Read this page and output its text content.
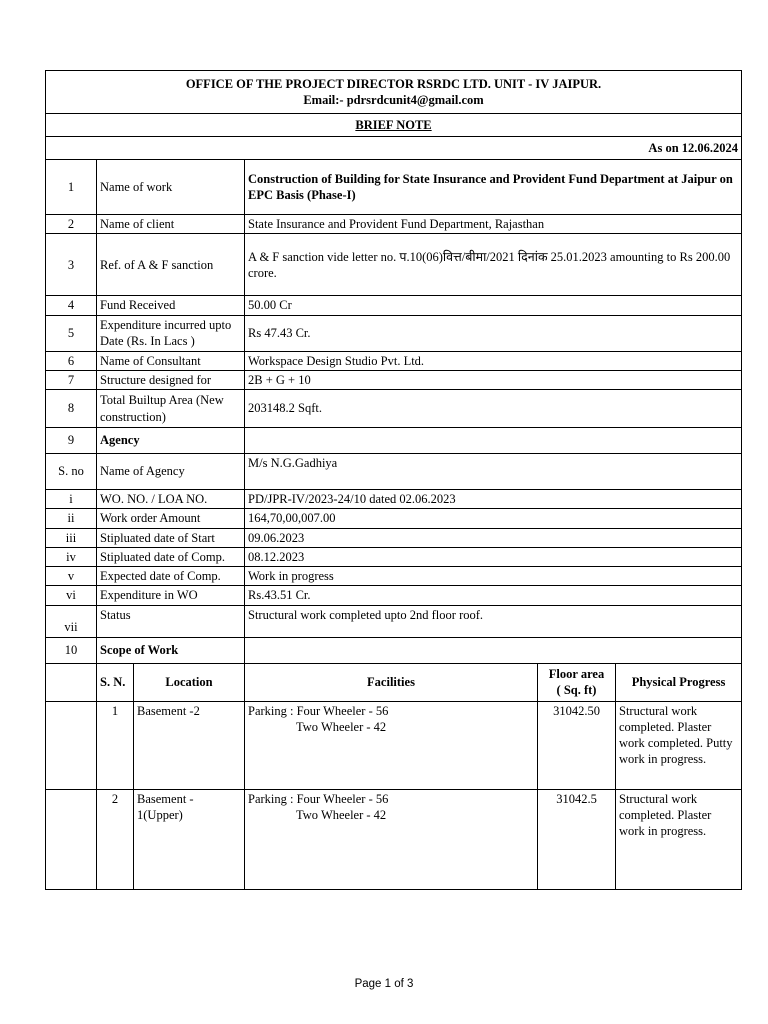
OFFICE OF THE PROJECT DIRECTOR RSRDC LTD. UNIT - IV JAIPUR.
Email:- pdrsrdcunit4@gmail.com					

BRIEF NOTE					
As on 12.06.2024					
1	Name of work		Construction of Building for State Insurance and Provident Fund Department at Jaipur on EPC Basis (Phase-I)		
2	Name of client		State Insurance and Provident Fund Department, Rajasthan		
3	Ref. of A & F sanction		A & F sanction vide letter no. प.10(06)वित्त/बीमा/2021 दिनांक 25.01.2023 amounting to Rs 200.00 crore.		
4	Fund Received		50.00 Cr		
5	Expenditure incurred upto Date (Rs. In Lacs )		Rs 47.43 Cr.		
6	Name of Consultant		Workspace Design Studio Pvt. Ltd.		
7	Structure designed for		2B + G + 10		
8	Total Builtup Area (New construction)		203148.2 Sqft.		
9	Agency				
S. no	Name of Agency		M/s N.G.Gadhiya		
i	WO. NO. / LOA NO.		PD/JPR-IV/2023-24/10 dated 02.06.2023		
ii	Work order Amount		164,70,00,007.00		
iii	Stipluated date of Start		09.06.2023		
iv	Stipluated date of Comp.		08.12.2023		
v	Expected date of Comp.		Work in progress		
vi	Expenditure in WO		Rs.43.51 Cr.		
vii	Status		Structural work completed upto 2nd floor roof.		
10	Scope of Work				
	S. N.	Location	Facilities	Floor area
( Sq. ft)	Physical Progress
	1	Basement -2	Parking : Four Wheeler - 56
Two Wheeler - 42	31042.50	Structural work completed. Plaster work completed. Putty work in progress.
	2	Basement - 1(Upper)	Parking : Four Wheeler - 56
Two Wheeler - 42	31042.5	Structural work completed. Plaster work in progress.
Page 1 of 3
